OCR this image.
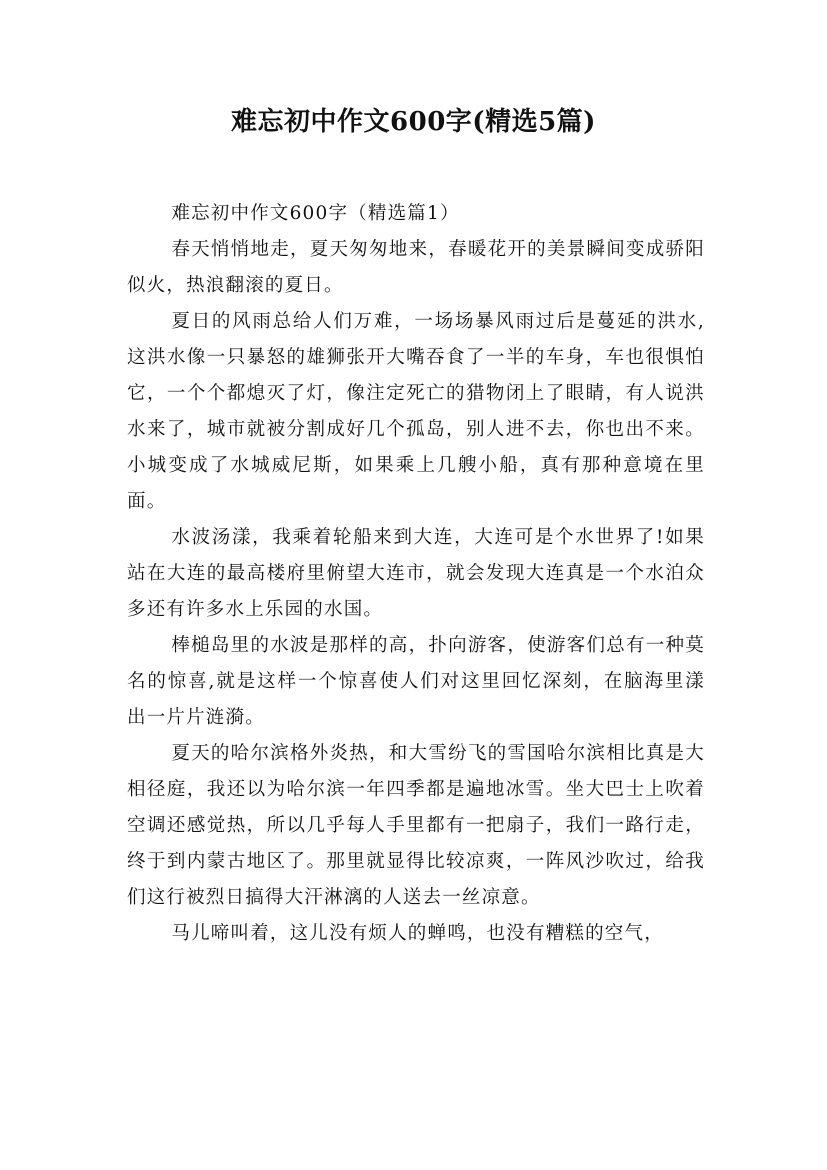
难忘初中作文600字(精选5篇)

难忘初中作文600字（精选篇1）

春天悄悄地走，夏天匆匆地来，春暖花开的美景瞬间变成骄阳似火，热浪翻滚的夏日。

夏日的风雨总给人们万难，一场场暴风雨过后是蔓延的洪水,这洪水像一只暴怒的雄狮张开大嘴吞食了一半的车身，车也很惧怕它，一个个都熄灭了灯，像注定死亡的猎物闭上了眼睛，有人说洪水来了，城市就被分割成好几个孤岛，别人进不去，你也出不来。小城变成了水城威尼斯，如果乘上几艘小船，真有那种意境在里面。

水波汤漾，我乘着轮船来到大连，大连可是个水世界了!如果站在大连的最高楼府里俯望大连市，就会发现大连真是一个水泊众多还有许多水上乐园的水国。

棒槌岛里的水波是那样的高，扑向游客，使游客们总有一种莫名的惊喜,就是这样一个惊喜使人们对这里回忆深刻，在脑海里漾出一片片涟漪。

夏天的哈尔滨格外炎热，和大雪纷飞的雪国哈尔滨相比真是大相径庭，我还以为哈尔滨一年四季都是遍地冰雪。坐大巴士上吹着空调还感觉热，所以几乎每人手里都有一把扇子，我们一路行走，终于到内蒙古地区了。那里就显得比较凉爽，一阵风沙吹过，给我们这行被烈日搞得大汗淋漓的人送去一丝凉意。

马儿啼叫着，这儿没有烦人的蝉鸣，也没有糟糕的空气，
